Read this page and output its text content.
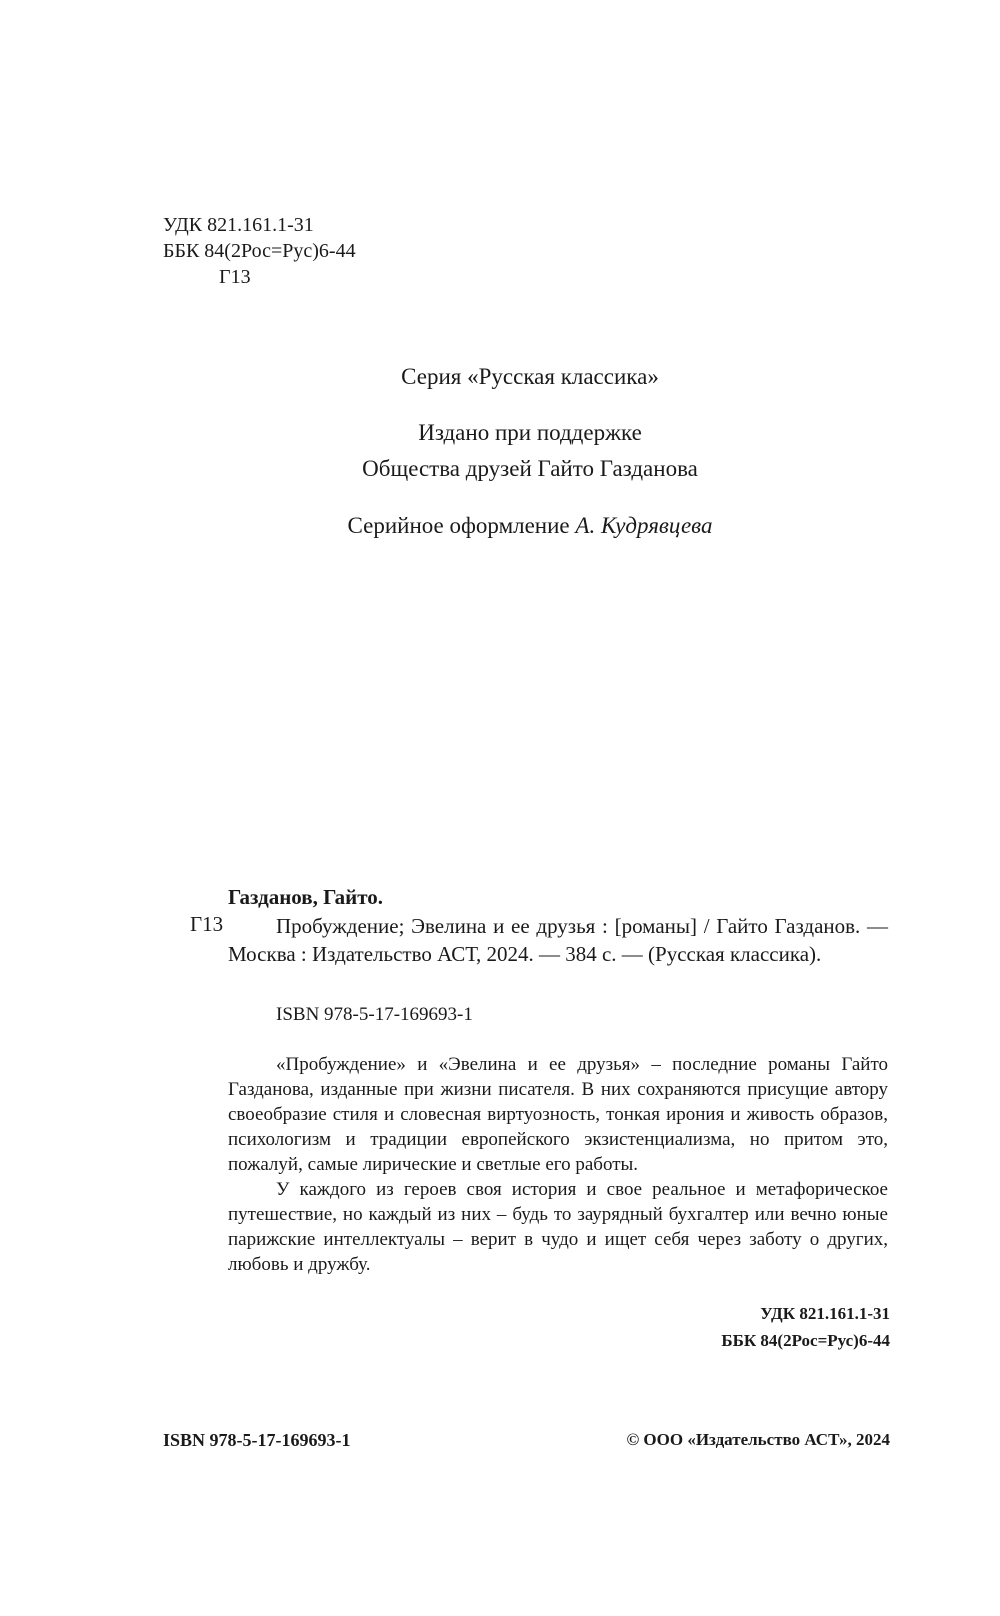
УДК 821.161.1-31
ББК 84(2Рос=Рус)6-44
Г13
Серия «Русская классика»
Издано при поддержке
Общества друзей Гайто Газданова
Серийное оформление А. Кудрявцева
Газданов, Гайто.
Г13	Пробуждение; Эвелина и ее друзья : [романы] / Гайто Газданов. — Москва : Издательство АСТ, 2024. — 384 с. — (Русская классика).
ISBN 978-5-17-169693-1

«Пробуждение» и «Эвелина и ее друзья» – последние романы Гайто Газданова, изданные при жизни писателя. В них сохраняются присущие автору своеобразие стиля и словесная виртуозность, тонкая ирония и живость образов, психологизм и традиции европейского экзистенциализма, но притом это, пожалуй, самые лирические и светлые его работы.

У каждого из героев своя история и свое реальное и метафорическое путешествие, но каждый из них – будь то заурядный бухгалтер или вечно юные парижские интеллектуалы – верит в чудо и ищет себя через заботу о других, любовь и дружбу.

УДК 821.161.1-31
ББК 84(2Рос=Рус)6-44
ISBN 978-5-17-169693-1	© ООО «Издательство АСТ», 2024
